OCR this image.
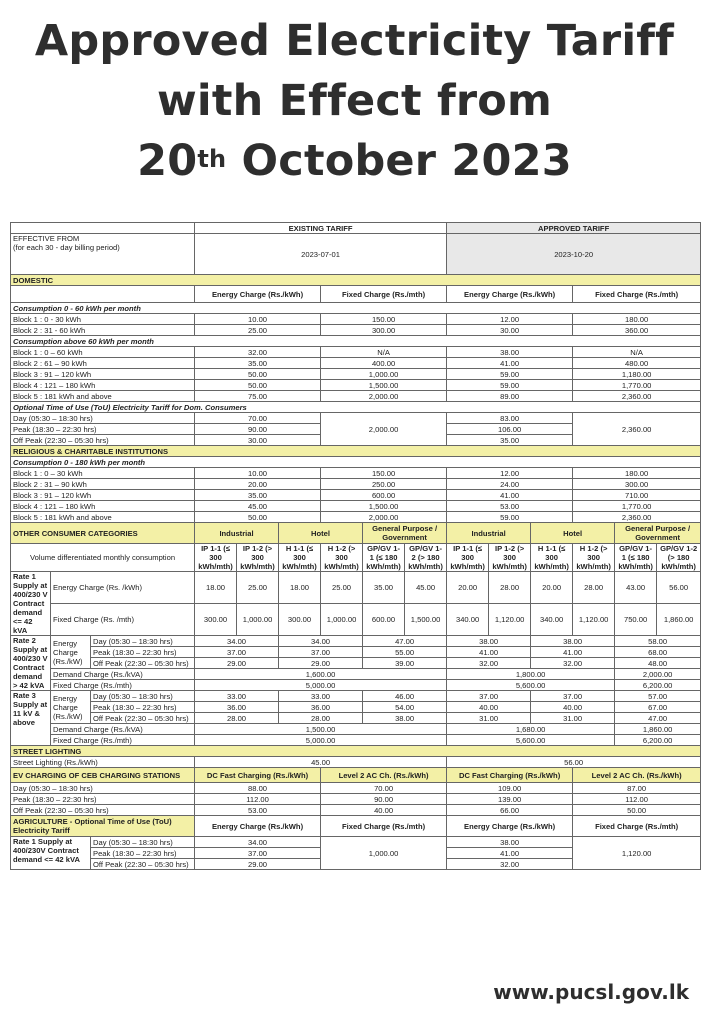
Approved Electricity Tariff
with Effect from
20th October 2023
			EXISTING TARIFF						APPROVED TARIFF					
EFFECTIVE FROM
(for each 30 - day billing period)			2023-07-01						2023-10-20					
DOMESTIC														
			Energy Charge (Rs./kWh)			Fixed Charge (Rs./mth)			Energy Charge (Rs./kWh)			Fixed Charge (Rs./mth)		
Consumption 0 - 60 kWh per month														
Block 1 : 0 - 30 kWh			10.00			150.00			12.00			180.00		
Block 2 : 31 - 60 kWh			25.00			300.00			30.00			360.00		
Consumption above 60 kWh per month														
Block 1 : 0 – 60 kWh			32.00			N/A			38.00			N/A		
Block 2 : 61 – 90 kWh			35.00			400.00			41.00			480.00		
Block 3 : 91 – 120 kWh			50.00			1,000.00			59.00			1,180.00		
Block 4 : 121 – 180 kWh			50.00			1,500.00			59.00			1,770.00		
Block 5 : 181 kWh and above			75.00			2,000.00			89.00			2,360.00		
Optional Time of Use (ToU) Electricity Tariff for Dom. Consumers														
Day (05:30 – 18:30 hrs)			70.00			2,000.00			83.00			2,360.00		
Peak (18:30 – 22:30 hrs)			90.00						106.00					
Off Peak (22:30 – 05:30 hrs)			30.00						35.00					
RELIGIOUS & CHARITABLE INSTITUTIONS														
Consumption 0 - 180 kWh per month														
Block 1 : 0 – 30 kWh			10.00			150.00			12.00			180.00		
Block 2 : 31 – 90 kWh			20.00			250.00			24.00			300.00		
Block 3 : 91 – 120 kWh			35.00			600.00			41.00			710.00		
Block 4 : 121 – 180 kWh			45.00			1,500.00			53.00			1,770.00		
Block 5 : 181 kWh and above			50.00			2,000.00			59.00			2,360.00		
OTHER CONSUMER CATEGORIES			Industrial		Hotel		General Purpose / Government		Industrial		Hotel		General Purpose / Government	
Volume differentiated monthly consumption			IP 1-1 (≤ 300 kWh/mth)	IP 1-2 (> 300 kWh/mth)	H 1-1 (≤ 300 kWh/mth)	H 1-2 (> 300 kWh/mth)	GP/GV 1-1 (≤ 180 kWh/mth)	GP/GV 1-2 (> 180 kWh/mth)	IP 1-1 (≤ 300 kWh/mth)	IP 1-2 (> 300 kWh/mth)	H 1-1 (≤ 300 kWh/mth)	H 1-2 (> 300 kWh/mth)	GP/GV 1-1 (≤ 180 kWh/mth)	GP/GV 1-2 (> 180 kWh/mth)
Rate 1 Supply at 400/230 V Contract demand <= 42 kVA	Energy Charge (Rs. /kWh)		18.00	25.00	18.00	25.00	35.00	45.00	20.00	28.00	20.00	28.00	43.00	56.00
	Fixed Charge (Rs. /mth)		300.00	1,000.00	300.00	1,000.00	600.00	1,500.00	340.00	1,120.00	340.00	1,120.00	750.00	1,860.00
Rate 2 Supply at 400/230 V Contract demand > 42 kVA	Energy Charge (Rs./kW)	Day (05:30 – 18:30 hrs)	34.00		34.00		47.00		38.00		38.00		58.00	
		Peak (18:30 – 22:30 hrs)	37.00		37.00		55.00		41.00		41.00		68.00	
		Off Peak (22:30 – 05:30 hrs)	29.00		29.00		39.00		32.00		32.00		48.00	
	Demand Charge (Rs./kVA)		1,600.00						1,800.00				2,000.00	
	Fixed Charge (Rs./mth)		5,000.00						5,600.00				6,200.00	
Rate 3 Supply at 11 kV & above	Energy Charge (Rs./kW)	Day (05:30 – 18:30 hrs)	33.00		33.00		46.00		37.00		37.00		57.00	
		Peak (18:30 – 22:30 hrs)	36.00		36.00		54.00		40.00		40.00		67.00	
		Off Peak (22:30 – 05:30 hrs)	28.00		28.00		38.00		31.00		31.00		47.00	
	Demand Charge (Rs./kVA)		1,500.00						1,680.00				1,860.00	
	Fixed Charge (Rs./mth)		5,000.00						5,600.00				6,200.00	
STREET LIGHTING														
Street Lighting (Rs./kWh)			45.00						56.00					
EV CHARGING OF CEB CHARGING STATIONS			DC Fast Charging (Rs./kWh)			Level 2 AC Ch. (Rs./kWh)			DC Fast Charging (Rs./kWh)			Level 2 AC Ch. (Rs./kWh)		
Day (05:30 – 18:30 hrs)			88.00			70.00			109.00			87.00		
Peak (18:30 – 22:30 hrs)			112.00			90.00			139.00			112.00		
Off Peak (22:30 – 05:30 hrs)			53.00			40.00			66.00			50.00		
AGRICULTURE - Optional Time of Use (ToU) Electricity Tariff			Energy Charge (Rs./kWh)			Fixed Charge (Rs./mth)			Energy Charge (Rs./kWh)			Fixed Charge (Rs./mth)		
Rate 1 Supply at 400/230V Contract demand <= 42 kVA		Day (05:30 – 18:30 hrs)	34.00			1,000.00			38.00			1,120.00		
		Peak (18:30 – 22:30 hrs)	37.00						41.00					
		Off Peak (22:30 – 05:30 hrs)	29.00						32.00					
www.pucsl.gov.lk
